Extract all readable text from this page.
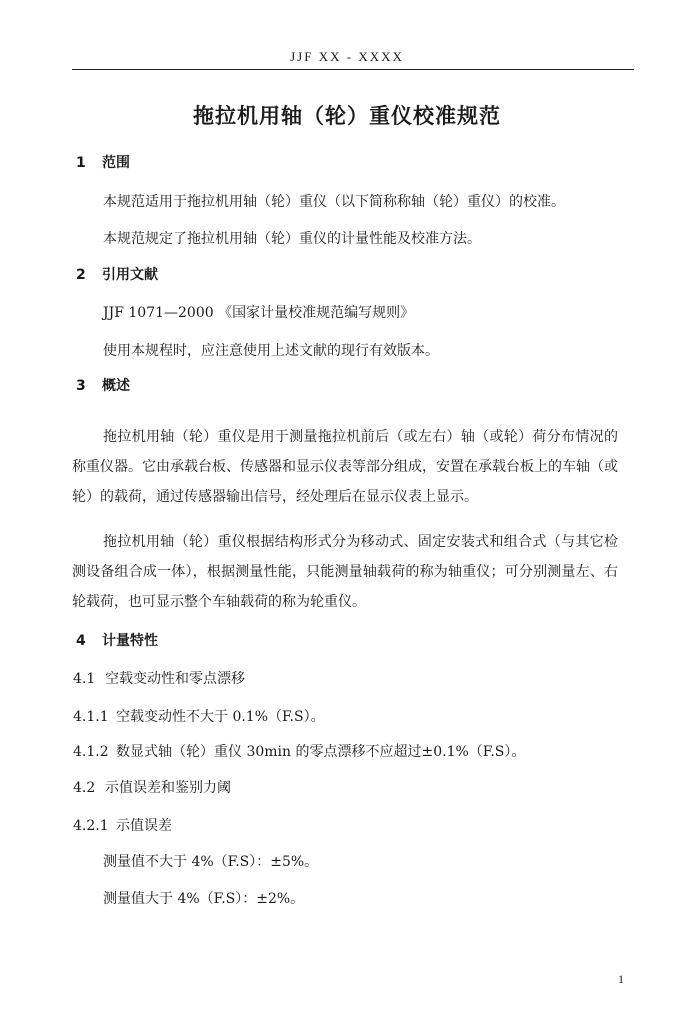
JJF XX - XXXX
拖拉机用轴（轮）重仪校准规范
1 范围
本规范适用于拖拉机用轴（轮）重仪（以下简称称轴（轮）重仪）的校准。
本规范规定了拖拉机用轴（轮）重仪的计量性能及校准方法。
2 引用文献
JJF 1071—2000 《国家计量校准规范编写规则》
使用本规程时，应注意使用上述文献的现行有效版本。
3 概述
拖拉机用轴（轮）重仪是用于测量拖拉机前后（或左右）轴（或轮）荷分布情况的称重仪器。它由承载台板、传感器和显示仪表等部分组成，安置在承载台板上的车轴（或轮）的载荷，通过传感器输出信号，经处理后在显示仪表上显示。
拖拉机用轴（轮）重仪根据结构形式分为移动式、固定安装式和组合式（与其它检测设备组合成一体），根据测量性能，只能测量轴载荷的称为轴重仪；可分别测量左、右轮载荷，也可显示整个车轴载荷的称为轮重仪。
4 计量特性
4.1 空载变动性和零点漂移
4.1.1 空载变动性不大于 0.1%（F.S）。
4.1.2 数显式轴（轮）重仪 30min 的零点漂移不应超过±0.1%（F.S）。
4.2 示值误差和鉴别力阈
4.2.1 示值误差
测量值不大于 4%（F.S）：±5%。
测量值大于 4%（F.S）：±2%。
1
